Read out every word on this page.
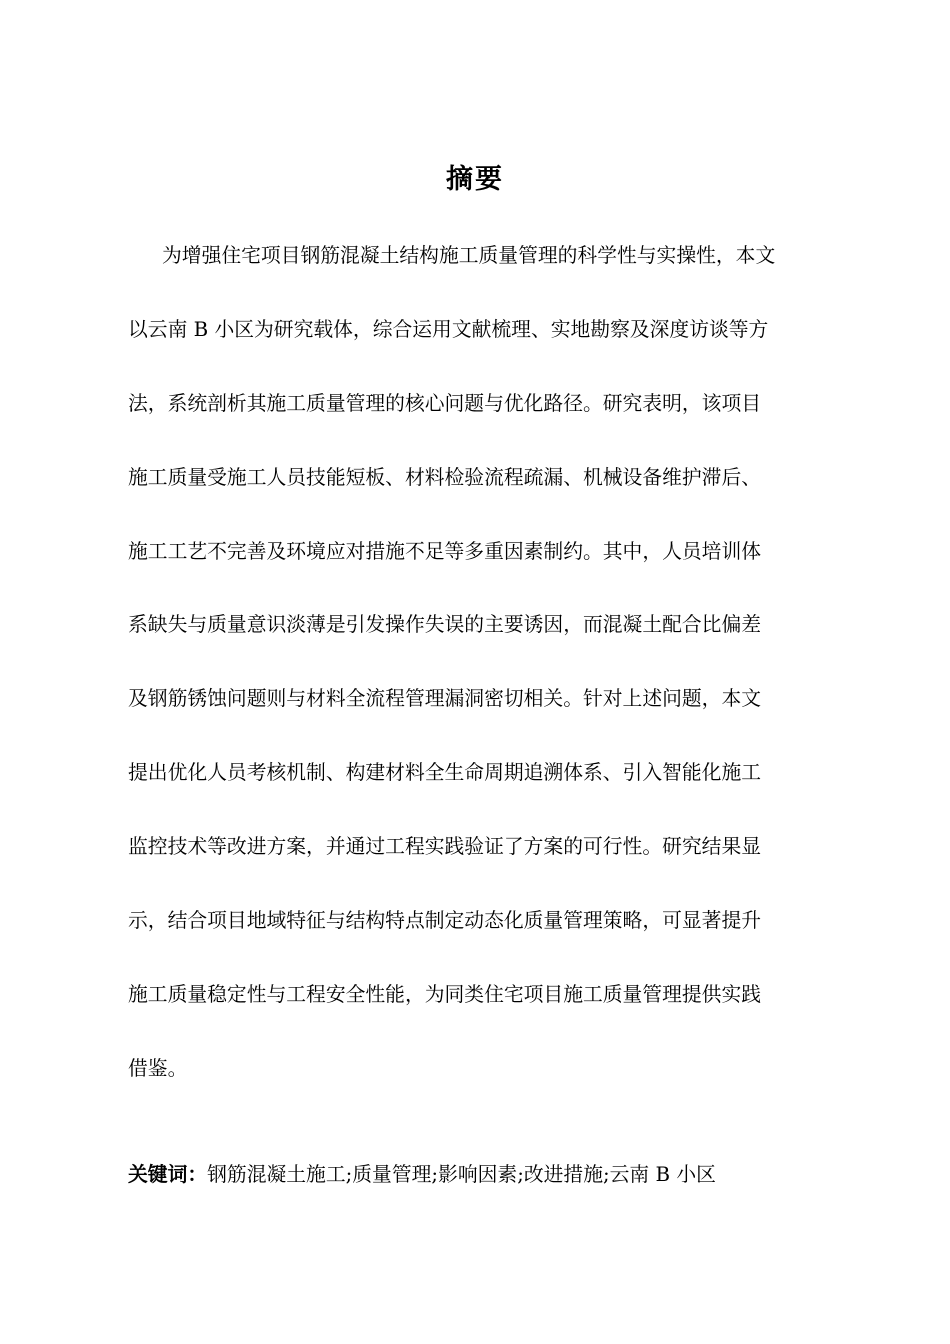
摘要
为增强住宅项目钢筋混凝土结构施工质量管理的科学性与实操性，本文
以云南 B 小区为研究载体，综合运用文献梳理、实地勘察及深度访谈等方
法，系统剖析其施工质量管理的核心问题与优化路径。研究表明，该项目
施工质量受施工人员技能短板、材料检验流程疏漏、机械设备维护滞后、
施工工艺不完善及环境应对措施不足等多重因素制约。其中，人员培训体
系缺失与质量意识淡薄是引发操作失误的主要诱因，而混凝土配合比偏差
及钢筋锈蚀问题则与材料全流程管理漏洞密切相关。针对上述问题，本文
提出优化人员考核机制、构建材料全生命周期追溯体系、引入智能化施工
监控技术等改进方案，并通过工程实践验证了方案的可行性。研究结果显
示，结合项目地域特征与结构特点制定动态化质量管理策略，可显著提升
施工质量稳定性与工程安全性能，为同类住宅项目施工质量管理提供实践
借鉴。
关键词：钢筋混凝土施工;质量管理;影响因素;改进措施;云南 B 小区
